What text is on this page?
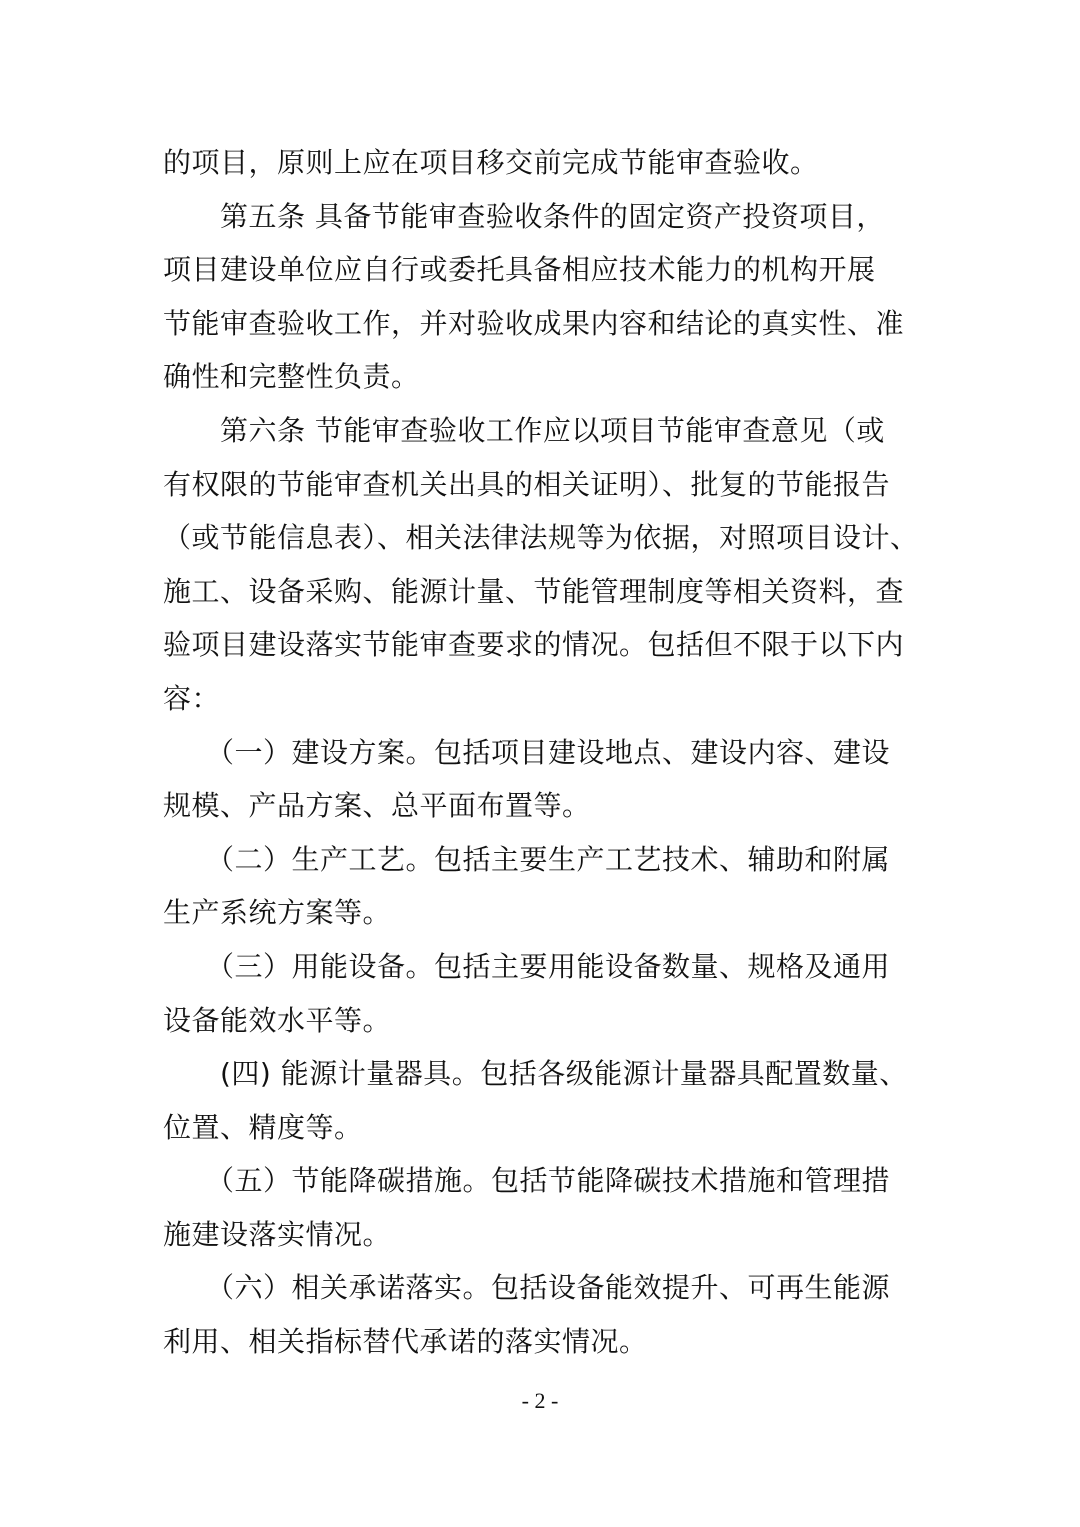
的项目，原则上应在项目移交前完成节能审查验收。
　　第五条 具备节能审查验收条件的固定资产投资项目，
项目建设单位应自行或委托具备相应技术能力的机构开展
节能审查验收工作，并对验收成果内容和结论的真实性、准
确性和完整性负责。
　　第六条 节能审查验收工作应以项目节能审查意见（或
有权限的节能审查机关出具的相关证明）、批复的节能报告
（或节能信息表）、相关法律法规等为依据，对照项目设计、
施工、设备采购、能源计量、节能管理制度等相关资料，查
验项目建设落实节能审查要求的情况。包括但不限于以下内
容：
　　（一）建设方案。包括项目建设地点、建设内容、建设
规模、产品方案、总平面布置等。
　　（二）生产工艺。包括主要生产工艺技术、辅助和附属
生产系统方案等。
　　（三）用能设备。包括主要用能设备数量、规格及通用
设备能效水平等。
　　(四) 能源计量器具。包括各级能源计量器具配置数量、
位置、精度等。
　　（五）节能降碳措施。包括节能降碳技术措施和管理措
施建设落实情况。
　　（六）相关承诺落实。包括设备能效提升、可再生能源
利用、相关指标替代承诺的落实情况。
- 2 -
